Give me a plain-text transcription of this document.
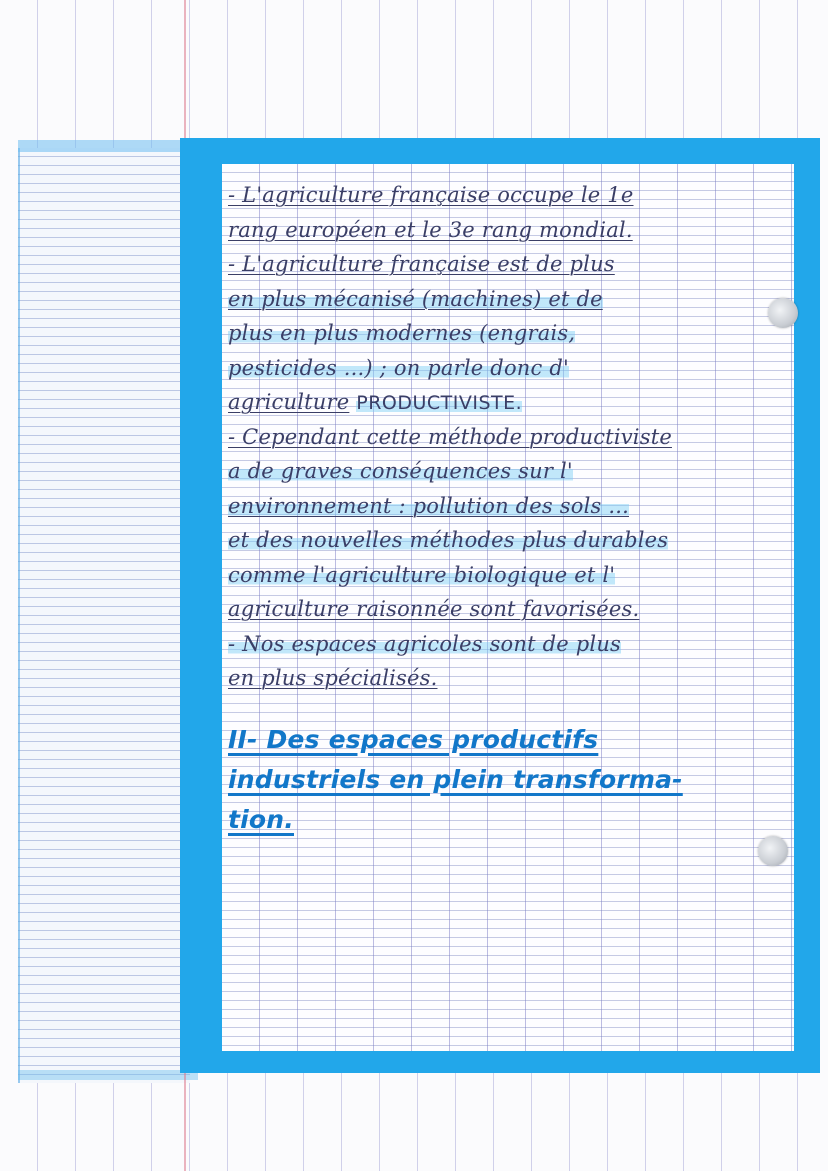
- L'agriculture française occupe le 1e
rang européen et le 3e rang mondial.
- L'agriculture française est de plus
en plus mécanisé (machines) et de
plus en plus modernes (engrais,
pesticides ...) ; on parle donc d'
agriculture PRODUCTIVISTE.
- Cependant cette méthode productiviste
a de graves conséquences sur l'
environnement : pollution des sols ...
et des nouvelles méthodes plus durables
comme l'agriculture biologique et l'
agriculture raisonnée sont favorisées.
- Nos espaces agricoles sont de plus
en plus spécialisés.
II- Des espaces productifs
industriels en plein transforma-
tion.
